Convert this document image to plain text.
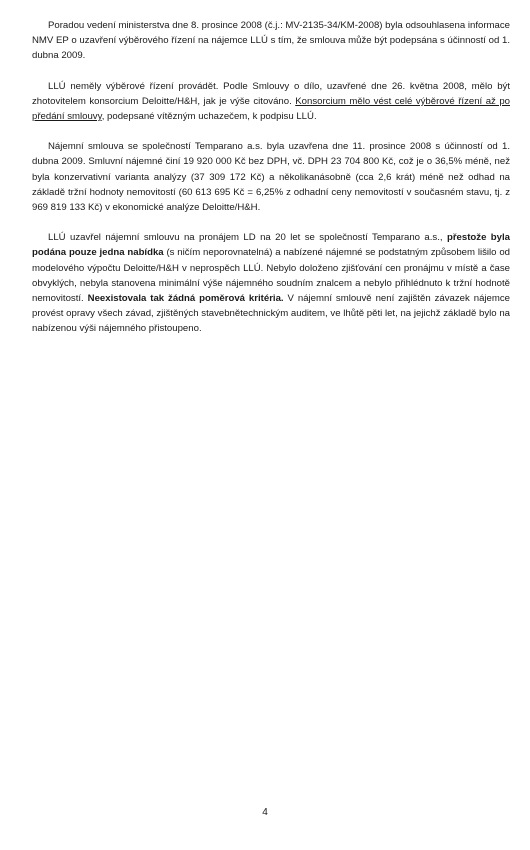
Poradou vedení ministerstva dne 8. prosince 2008 (č.j.: MV-2135-34/KM-2008) byla odsouhlasena informace NMV EP o uzavření výběrového řízení na nájemce LLÚ s tím, že smlouva může být podepsána s účinností od 1. dubna 2009.

LLÚ neměly výběrové řízení provádět. Podle Smlouvy o dílo, uzavřené dne 26. května 2008, mělo být zhotovitelem konsorcium Deloitte/H&H, jak je výše citováno. Konsorcium mělo vést celé výběrové řízení až po předání smlouvy, podepsané vítězným uchazečem, k podpisu LLÚ.

Nájemní smlouva se společností Temparano a.s. byla uzavřena dne 11. prosince 2008 s účinností od 1. dubna 2009. Smluvní nájemné činí 19 920 000 Kč bez DPH, vč. DPH 23 704 800 Kč, což je o 36,5% méně, než byla konzervativní varianta analýzy (37 309 172 Kč) a několikanásobně (cca 2,6 krát) méně než odhad na základě tržní hodnoty nemovitostí (60 613 695 Kč = 6,25% z odhadní ceny nemovitostí v současném stavu, tj. z 969 819 133 Kč) v ekonomické analýze Deloitte/H&H.

LLÚ uzavřel nájemní smlouvu na pronájem LD na 20 let se společností Temparano a.s., přestože byla podána pouze jedna nabídka (s ničím neporovnatelná) a nabízené nájemné se podstatným způsobem lišilo od modelového výpočtu Deloitte/H&H v neprospěch LLÚ. Nebylo doloženo zjišťování cen pronájmu v místě a čase obvyklých, nebyla stanovena minimální výše nájemného soudním znalcem a nebylo přihlédnuto k tržní hodnotě nemovitostí. Neexistovala tak žádná poměrová kritéria. V nájemní smlouvě není zajištěn závazek nájemce provést opravy všech závad, zjištěných stavebnětechnickým auditem, ve lhůtě pěti let, na jejichž základě bylo na nabízenou výši nájemného přistoupeno.

4
